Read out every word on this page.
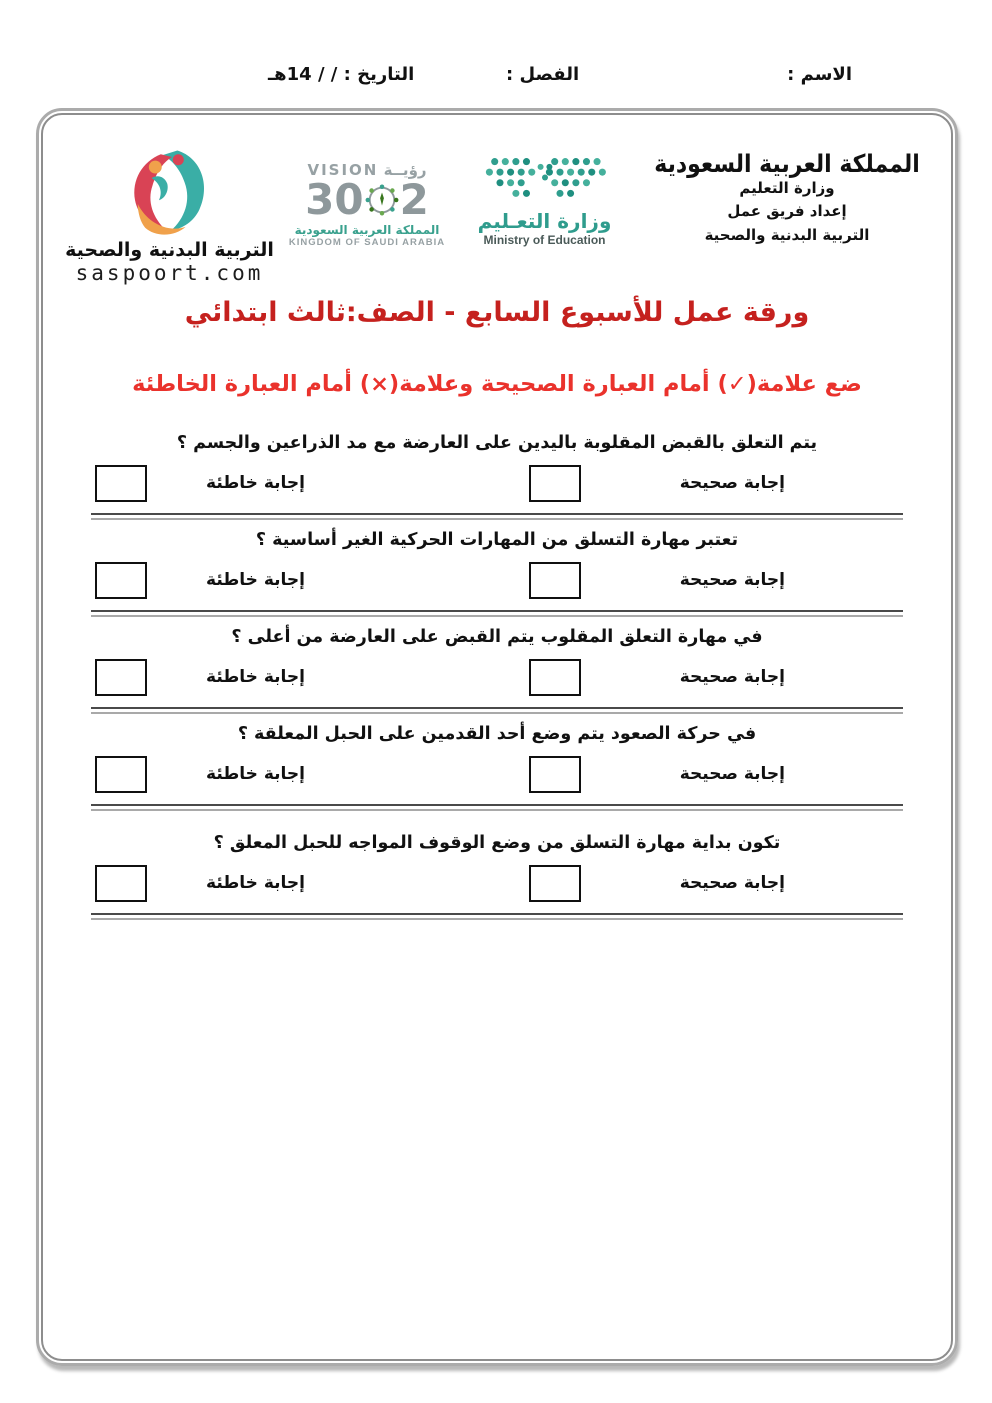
الاسم :
الفصل :
التاريخ : / / 14هـ
المملكة العربية السعودية
وزارة التعليم
إعداد فريق عمل
التربية البدنية والصحية
وزارة التعـليم
Ministry of Education
رؤيــة VISION
2
30
المملكة العربية السعودية
KINGDOM OF SAUDI ARABIA
التربية البدنية والصحية
saspoort.com
ورقة عمل للأسبوع السابع - الصف:ثالث ابتدائي
ضع علامة(✓) أمام العبارة الصحيحة وعلامة(×) أمام العبارة الخاطئة
يتم التعلق بالقبض المقلوبة باليدين على العارضة مع مد الذراعين والجسم ؟
إجابة صحيحة
إجابة خاطئة
تعتبر مهارة التسلق من المهارات الحركية الغير أساسية ؟
إجابة صحيحة
إجابة خاطئة
في مهارة التعلق المقلوب يتم القبض على العارضة من أعلى ؟
إجابة صحيحة
إجابة خاطئة
في حركة الصعود يتم وضع أحد القدمين على الحبل المعلقة ؟
إجابة صحيحة
إجابة خاطئة
تكون بداية مهارة التسلق من وضع الوقوف المواجه للحبل المعلق ؟
إجابة صحيحة
إجابة خاطئة
